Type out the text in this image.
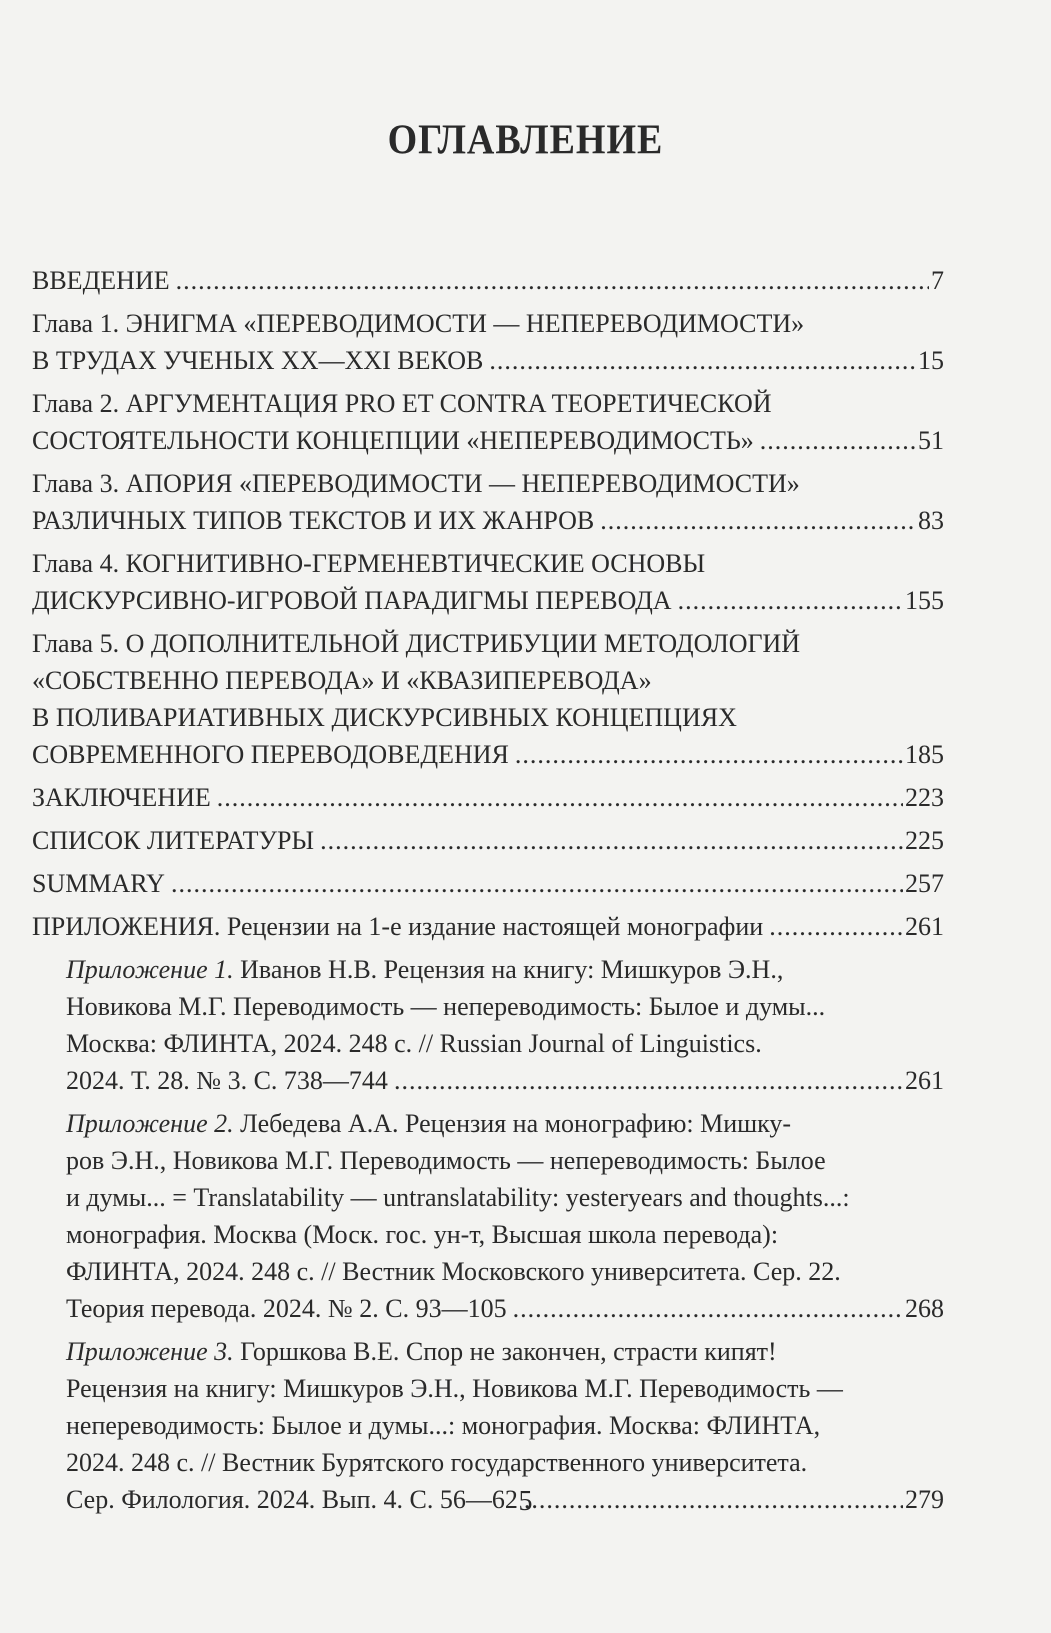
ОГЛАВЛЕНИЕ
ВВЕДЕНИЕ .....	7
Глава 1. ЭНИГМА «ПЕРЕВОДИМОСТИ — НЕПЕРЕВОДИМОСТИ»
В ТРУДАХ УЧЕНЫХ XX—XXI ВЕКОВ .....	15
Глава 2. АРГУМЕНТАЦИЯ PRO ET CONTRA ТЕОРЕТИЧЕСКОЙ
СОСТОЯТЕЛЬНОСТИ КОНЦЕПЦИИ «НЕПЕРЕВОДИМОСТЬ» .....	51
Глава 3. АПОРИЯ «ПЕРЕВОДИМОСТИ — НЕПЕРЕВОДИМОСТИ»
РАЗЛИЧНЫХ ТИПОВ ТЕКСТОВ И ИХ ЖАНРОВ .....	83
Глава 4. КОГНИТИВНО-ГЕРМЕНЕВТИЧЕСКИЕ ОСНОВЫ
ДИСКУРСИВНО-ИГРОВОЙ ПАРАДИГМЫ ПЕРЕВОДА .....	155
Глава 5. О ДОПОЛНИТЕЛЬНОЙ ДИСТРИБУЦИИ МЕТОДОЛОГИЙ
«СОБСТВЕННО ПЕРЕВОДА» И «КВАЗИПЕРЕВОДА»
В ПОЛИВАРИАТИВНЫХ ДИСКУРСИВНЫХ КОНЦЕПЦИЯХ
СОВРЕМЕННОГО ПЕРЕВОДОВЕДЕНИЯ .....	185
ЗАКЛЮЧЕНИЕ .....	223
СПИСОК ЛИТЕРАТУРЫ .....	225
SUMMARY .....	257
ПРИЛОЖЕНИЯ. Рецензии на 1-е издание настоящей монографии .....	261
Приложение 1. Иванов Н.В. Рецензия на книгу: Мишкуров Э.Н.,
Новикова М.Г. Переводимость — непереводимость: Былое и думы...
Москва: ФЛИНТА, 2024. 248 с. // Russian Journal of Linguistics.
2024. Т. 28. № 3. С. 738—744 .....	261
Приложение 2. Лебедева А.А. Рецензия на монографию: Мишку-
ров Э.Н., Новикова М.Г. Переводимость — непереводимость: Былое
и думы... = Translatability — untranslatability: yesteryears and thoughts...:
монография. Москва (Моск. гос. ун-т, Высшая школа перевода):
ФЛИНТА, 2024. 248 с. // Вестник Московского университета. Сер. 22.
Теория перевода. 2024. № 2. С. 93—105 .....	268
Приложение 3. Горшкова В.Е. Спор не закончен, страсти кипят!
Рецензия на книгу: Мишкуров Э.Н., Новикова М.Г. Переводимость —
непереводимость: Былое и думы...: монография. Москва: ФЛИНТА,
2024. 248 с. // Вестник Бурятского государственного университета.
Сер. Филология. 2024. Вып. 4. С. 56—62 .....	279
5
